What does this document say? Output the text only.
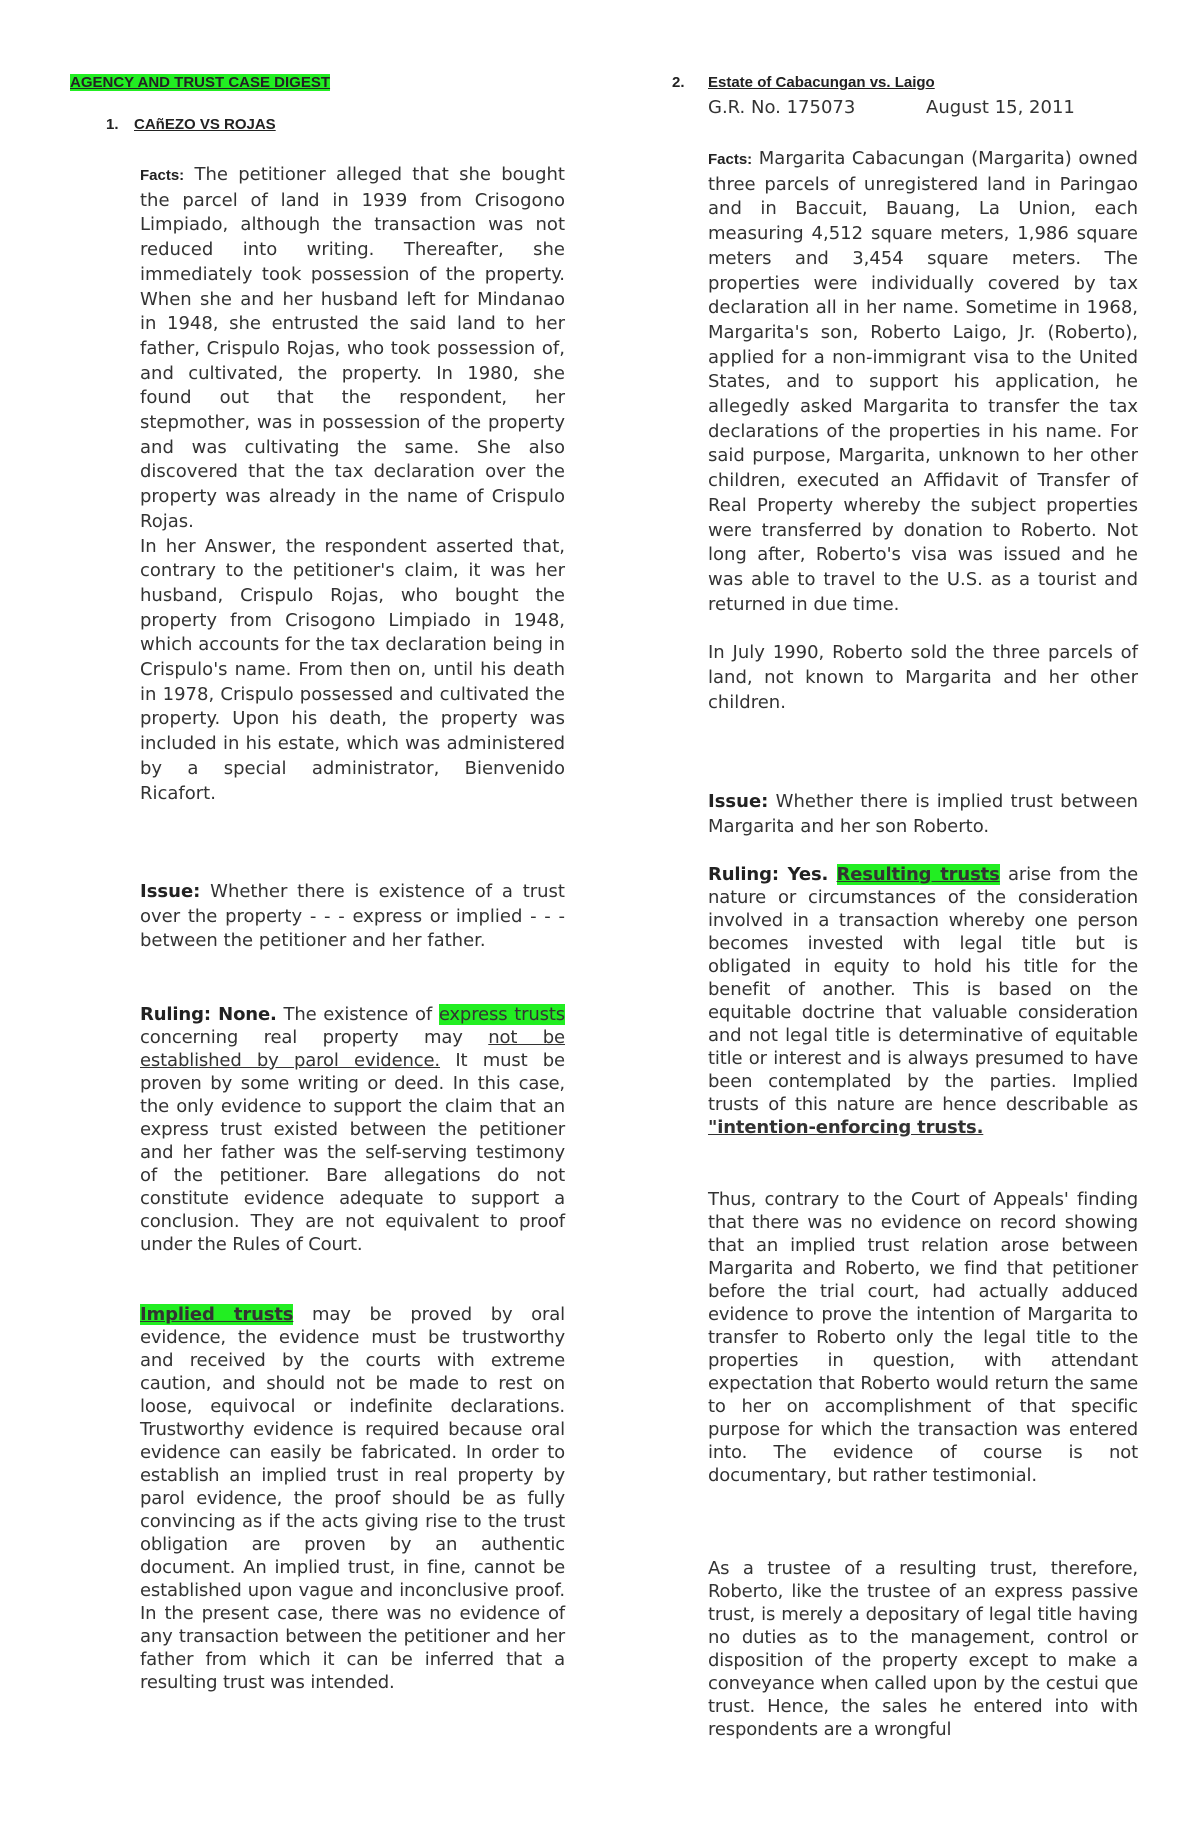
AGENCY AND TRUST CASE DIGEST
1. CAñEZO VS ROJAS

Facts: The petitioner alleged that she bought the parcel of land in 1939 from Crisogono Limpiado, although the transaction was not reduced into writing. Thereafter, she immediately took possession of the property. When she and her husband left for Mindanao in 1948, she entrusted the said land to her father, Crispulo Rojas, who took possession of, and cultivated, the property. In 1980, she found out that the respondent, her stepmother, was in possession of the property and was cultivating the same. She also discovered that the tax declaration over the property was already in the name of Crispulo Rojas.

In her Answer, the respondent asserted that, contrary to the petitioner's claim, it was her husband, Crispulo Rojas, who bought the property from Crisogono Limpiado in 1948, which accounts for the tax declaration being in Crispulo's name. From then on, until his death in 1978, Crispulo possessed and cultivated the property. Upon his death, the property was included in his estate, which was administered by a special administrator, Bienvenido Ricafort.

Issue: Whether there is existence of a trust over the property - - - express or implied - - - between the petitioner and her father.

Ruling: None. The existence of express trusts concerning real property may not be established by parol evidence. It must be proven by some writing or deed. In this case, the only evidence to support the claim that an express trust existed between the petitioner and her father was the self-serving testimony of the petitioner. Bare allegations do not constitute evidence adequate to support a conclusion. They are not equivalent to proof under the Rules of Court.

Implied trusts may be proved by oral evidence, the evidence must be trustworthy and received by the courts with extreme caution, and should not be made to rest on loose, equivocal or indefinite declarations. Trustworthy evidence is required because oral evidence can easily be fabricated. In order to establish an implied trust in real property by parol evidence, the proof should be as fully convincing as if the acts giving rise to the trust obligation are proven by an authentic document. An implied trust, in fine, cannot be established upon vague and inconclusive proof. In the present case, there was no evidence of any transaction between the petitioner and her father from which it can be inferred that a resulting trust was intended.

2. Estate of Cabacungan vs. Laigo
G.R. No. 175073	August 15, 2011

Facts: Margarita Cabacungan (Margarita) owned three parcels of unregistered land in Paringao and in Baccuit, Bauang, La Union, each measuring 4,512 square meters, 1,986 square meters and 3,454 square meters. The properties were individually covered by tax declaration all in her name. Sometime in 1968, Margarita's son, Roberto Laigo, Jr. (Roberto), applied for a non-immigrant visa to the United States, and to support his application, he allegedly asked Margarita to transfer the tax declarations of the properties in his name. For said purpose, Margarita, unknown to her other children, executed an Affidavit of Transfer of Real Property whereby the subject properties were transferred by donation to Roberto. Not long after, Roberto's visa was issued and he was able to travel to the U.S. as a tourist and returned in due time.

In July 1990, Roberto sold the three parcels of land, not known to Margarita and her other children.

Issue: Whether there is implied trust between Margarita and her son Roberto.

Ruling: Yes. Resulting trusts arise from the nature or circumstances of the consideration involved in a transaction whereby one person becomes invested with legal title but is obligated in equity to hold his title for the benefit of another. This is based on the equitable doctrine that valuable consideration and not legal title is determinative of equitable title or interest and is always presumed to have been contemplated by the parties. Implied trusts of this nature are hence describable as "intention-enforcing trusts.

Thus, contrary to the Court of Appeals' finding that there was no evidence on record showing that an implied trust relation arose between Margarita and Roberto, we find that petitioner before the trial court, had actually adduced evidence to prove the intention of Margarita to transfer to Roberto only the legal title to the properties in question, with attendant expectation that Roberto would return the same to her on accomplishment of that specific purpose for which the transaction was entered into. The evidence of course is not documentary, but rather testimonial.

As a trustee of a resulting trust, therefore, Roberto, like the trustee of an express passive trust, is merely a depositary of legal title having no duties as to the management, control or disposition of the property except to make a conveyance when called upon by the cestui que trust. Hence, the sales he entered into with respondents are a wrongful
